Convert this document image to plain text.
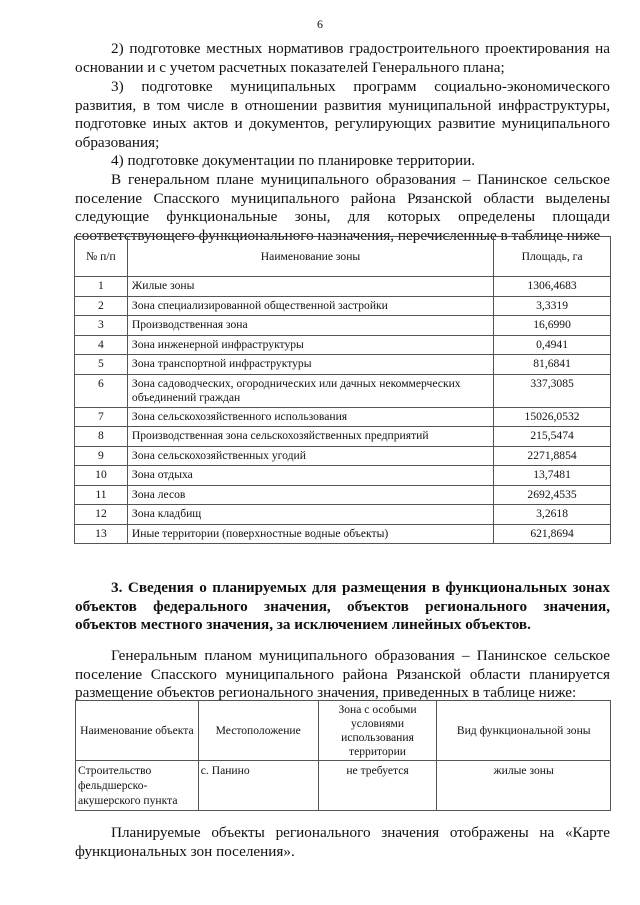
6

2) подготовке местных нормативов градостроительного проектирования на основании и с учетом расчетных показателей Генерального плана;

3) подготовке муниципальных программ социально-экономического развития, в том числе в отношении развития муниципальной инфраструктуры, подготовке иных актов и документов, регулирующих развитие муниципального образования;

4) подготовке документации по планировке территории.

В генеральном плане муниципального образования – Панинское сельское поселение Спасского муниципального района Рязанской области выделены следующие функциональные зоны, для которых определены площади соответствующего функционального назначения, перечисленные в таблице ниже

№ п/п	Наименование зоны	Площадь, га
1	Жилые зоны	1306,4683
2	Зона специализированной общественной застройки	3,3319
3	Производственная зона	16,6990
4	Зона инженерной инфраструктуры	0,4941
5	Зона транспортной инфраструктуры	81,6841
6	Зона садоводческих, огороднических или дачных некоммерческих объединений граждан	337,3085
7	Зона сельскохозяйственного использования	15026,0532
8	Производственная зона сельскохозяйственных предприятий	215,5474
9	Зона сельскохозяйственных угодий	2271,8854
10	Зона отдыха	13,7481
11	Зона лесов	2692,4535
12	Зона кладбищ	3,2618
13	Иные территории (поверхностные водные объекты)	621,8694

3. Сведения о планируемых для размещения в функциональных зонах объектов федерального значения, объектов регионального значения, объектов местного значения, за исключением линейных объектов.

Генеральным планом муниципального образования – Панинское сельское поселение Спасского муниципального района Рязанской области планируется размещение объектов регионального значения, приведенных в таблице ниже:

Наименование объекта	Местоположение	Зона с особыми условиями использования территории	Вид функциональной зоны
Строительство фельдшерско-акушерского пункта	с. Панино	не требуется	жилые зоны

Планируемые объекты регионального значения отображены на «Карте функциональных зон поселения».
